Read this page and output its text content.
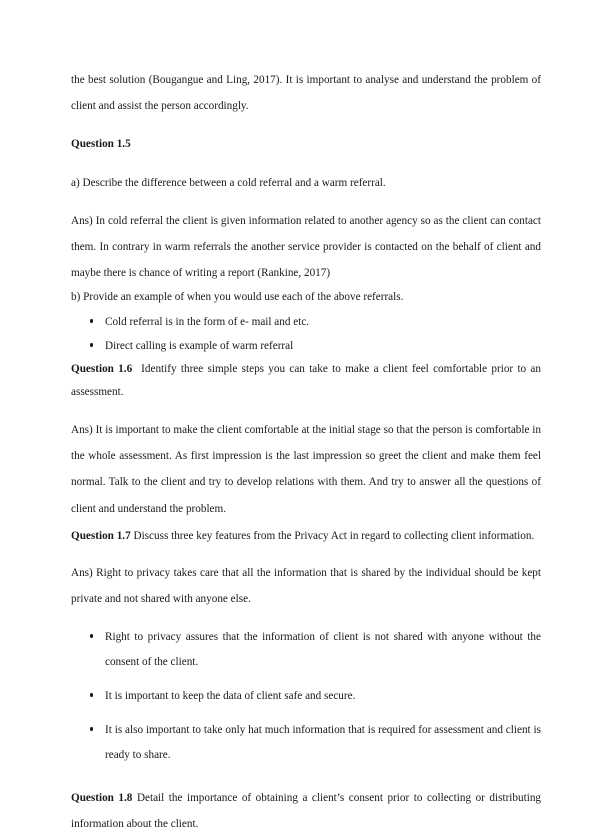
the best solution (Bougangue and Ling, 2017). It is important to analyse and understand the problem of client and assist the person accordingly.

Question 1.5

a) Describe the difference between a cold referral and a warm referral.

Ans) In cold referral the client is given information related to another agency so as the client can contact them. In contrary in warm referrals the another service provider is contacted on the behalf of client and maybe there is chance of writing a report (Rankine, 2017)

b) Provide an example of when you would use each of the above referrals.

Cold referral is in the form of e- mail and etc.
Direct calling is example of warm referral

Question 1.6 Identify three simple steps you can take to make a client feel comfortable prior to an assessment.

Ans) It is important to make the client comfortable at the initial stage so that the person is comfortable in the whole assessment. As first impression is the last impression so greet the client and make them feel normal. Talk to the client and try to develop relations with them. And try to answer all the questions of client and understand the problem.

Question 1.7 Discuss three key features from the Privacy Act in regard to collecting client information.

Ans) Right to privacy takes care that all the information that is shared by the individual should be kept private and not shared with anyone else.

Right to privacy assures that the information of client is not shared with anyone without the consent of the client.
It is important to keep the data of client safe and secure.
It is also important to take only hat much information that is required for assessment and client is ready to share.

Question 1.8 Detail the importance of obtaining a client’s consent prior to collecting or distributing information about the client.
